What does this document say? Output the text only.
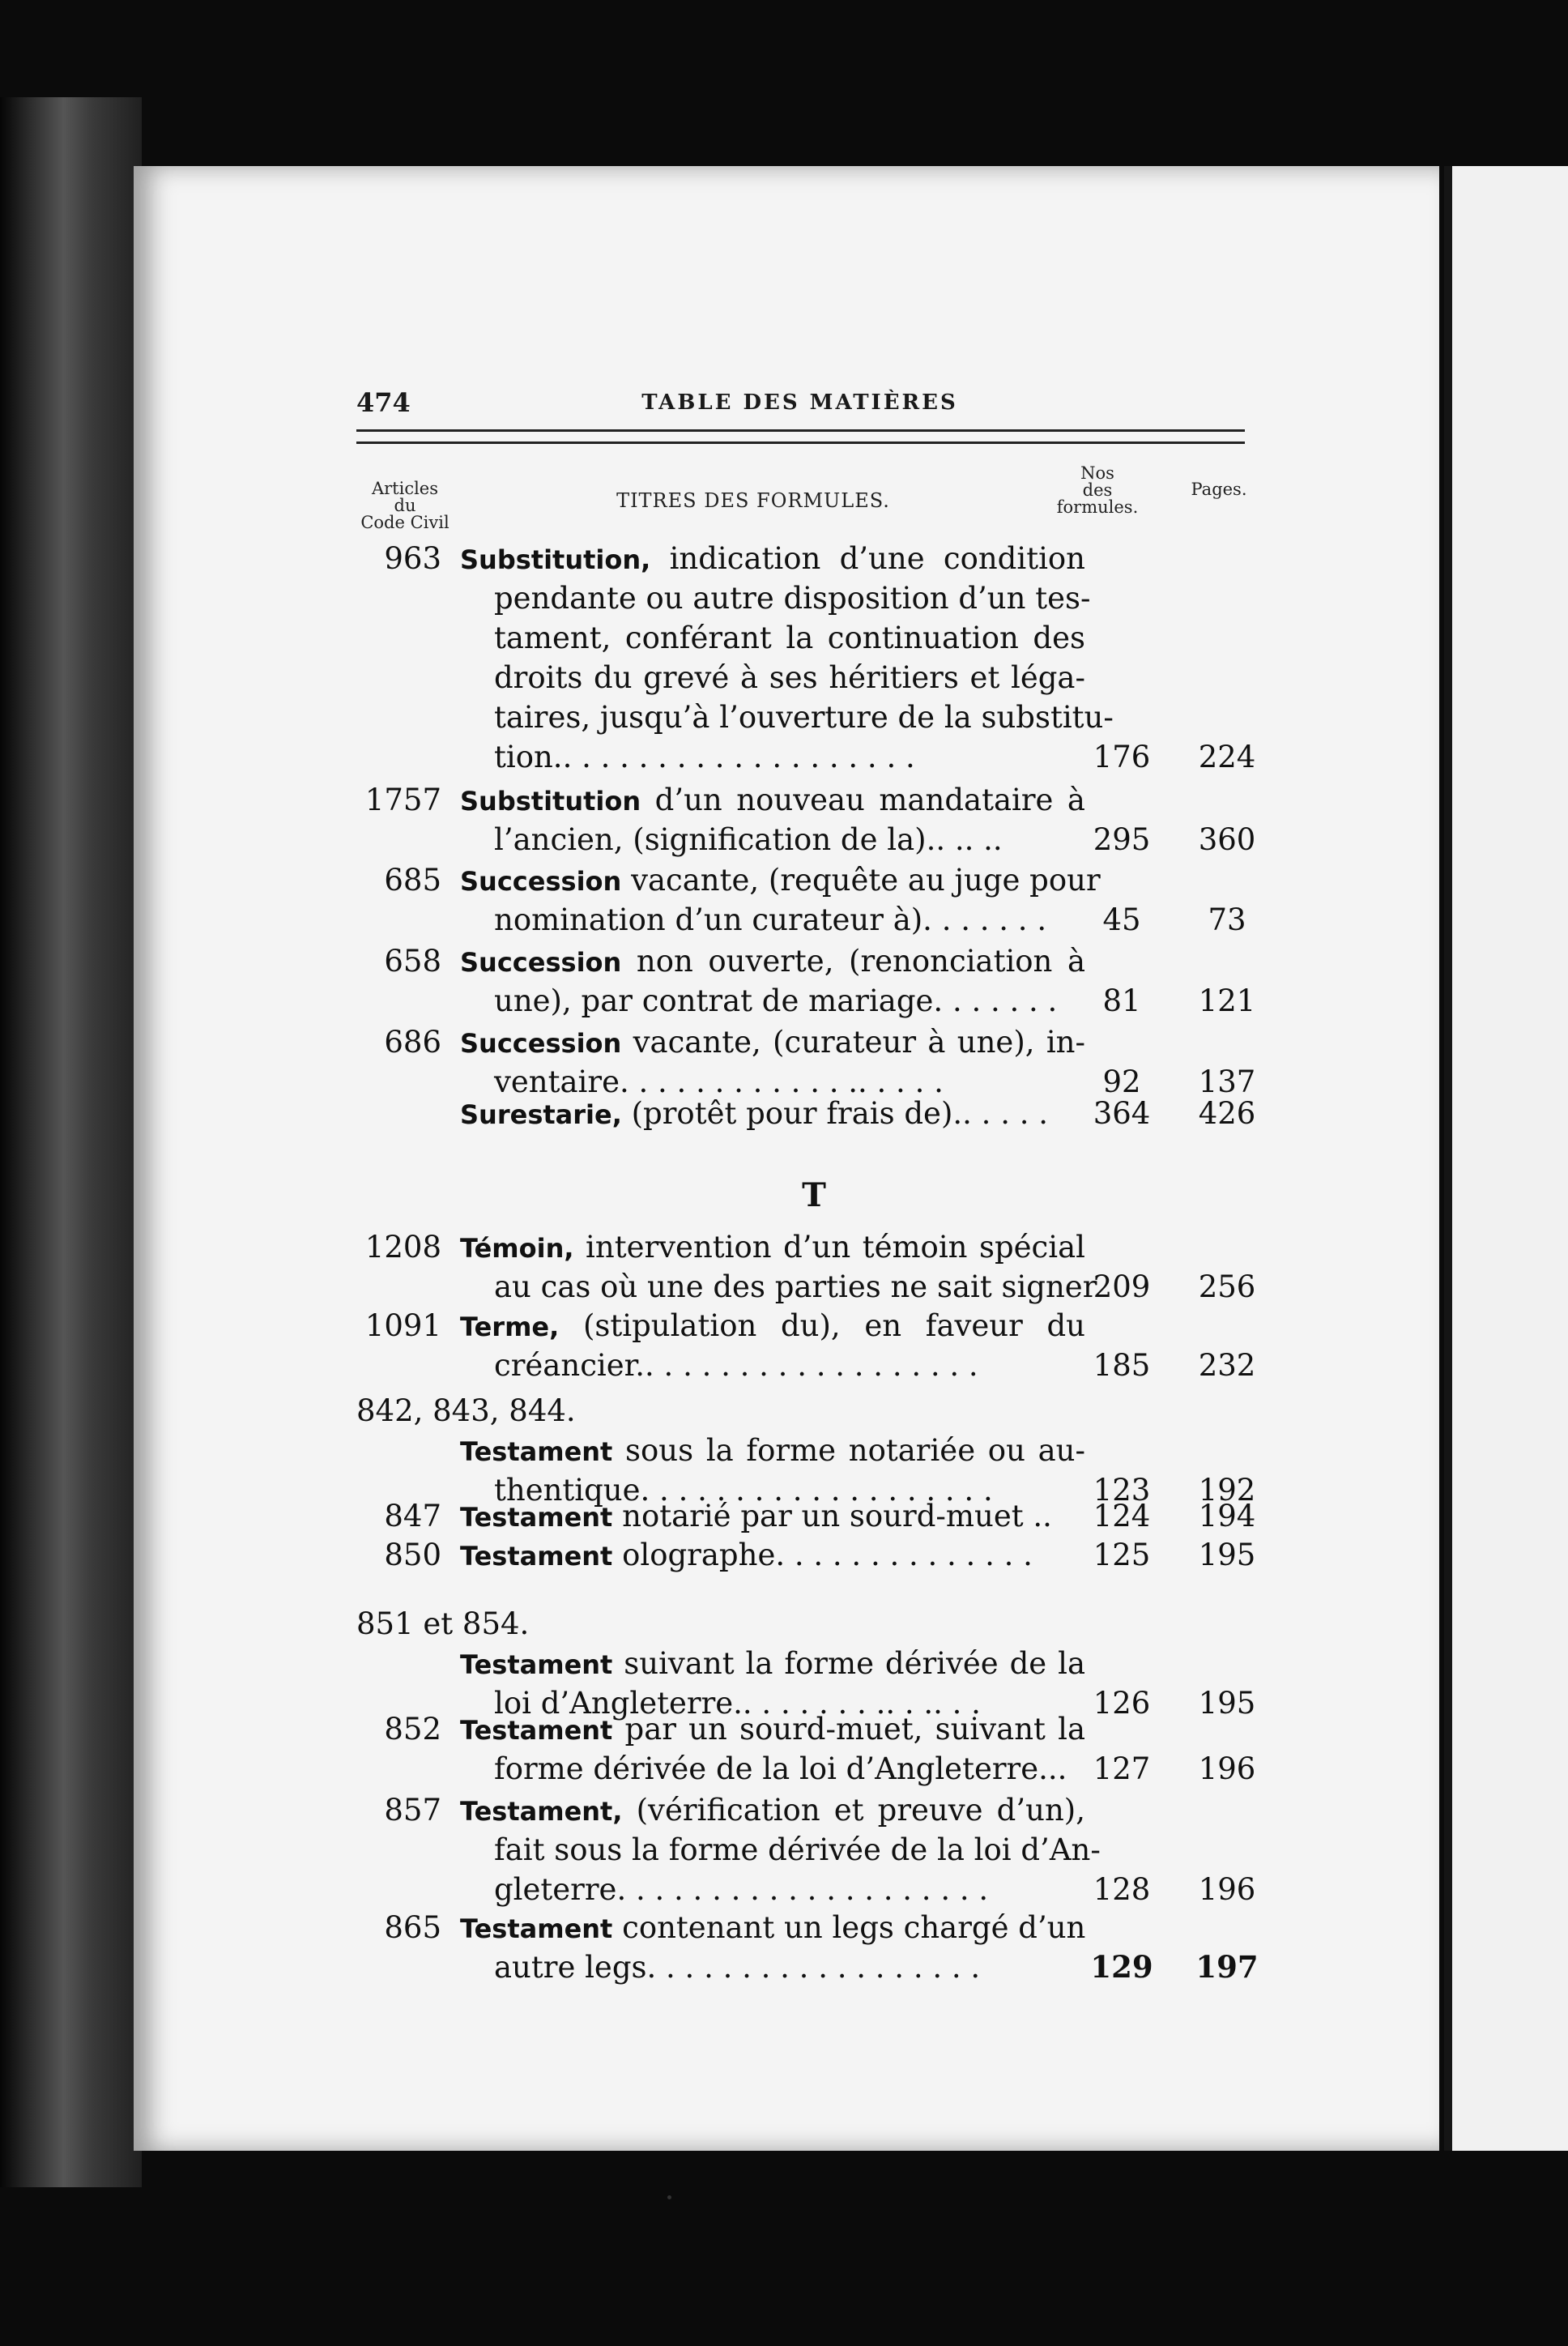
474	TABLE DES MATIÈRES
Articles
du
Code Civil
TITRES DES FORMULES.
Nos
des
formules.
Pages.
T
963 Substitution, indication d’une condition
pendante ou autre disposition d’un tes-
tament, conférant la continuation des
droits du grevé à ses héritiers et léga-
taires, jusqu’à l’ouverture de la substitu-
tion.. . . . . . . . . . . . . . . . . . .	176	224
1757 Substitution d’un nouveau mandataire à
l’ancien, (signification de la).. .. ..	295	360
685 Succession vacante, (requête au juge pour
nomination d’un curateur à). . . . . . .	45	73
658 Succession non ouverte, (renonciation à
une), par contrat de mariage. . . . . . .	81	121
686 Succession vacante, (curateur à une), in-
ventaire. . . . . . . . . . . . .. . . . .	92	137
Surestarie, (protêt pour frais de).. . . . .	364	426
1208 Témoin, intervention d’un témoin spécial
au cas où une des parties ne sait signer
209	256
1091 Terme, (stipulation du), en faveur du
créancier.. . . . . . . . . . . . . . . . . .	185	232
842, 843, 844.
Testament sous la forme notariée ou au-
thentique. . . . . . . . . . . . . . . . . . .	123	192
847 Testament notarié par un sourd-muet ..	124	194
850 Testament olographe. . . . . . . . . . . . . .	125	195
851 et 854.
Testament suivant la forme dérivée de la
loi d’Angleterre.. . . . . . . .. . .. . .	126	195
852 Testament par un sourd-muet, suivant la
forme dérivée de la loi d’Angleterre... 127	196
857 Testament, (vérification et preuve d’un),
fait sous la forme dérivée de la loi d’An-
gleterre. . . . . . . . . . . . . . . . . . . .	128	196
865 Testament contenant un legs chargé d’un
autre legs. . . . . . . . . . . . . . . . . .	129	197
